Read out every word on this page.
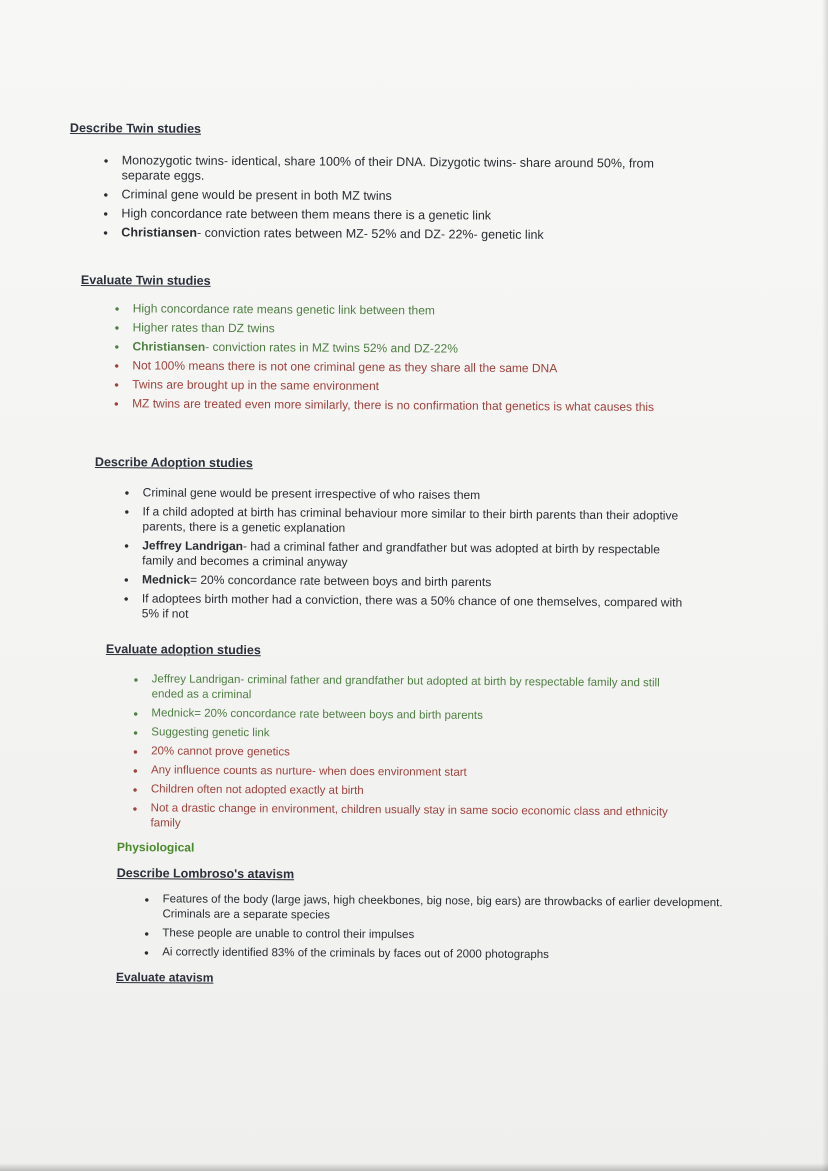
Describe Twin studies

• Monozygotic twins- identical, share 100% of their DNA. Dizygotic twins- share around 50%, from separate eggs.
• Criminal gene would be present in both MZ twins
• High concordance rate between them means there is a genetic link
• Christiansen- conviction rates between MZ- 52% and DZ- 22%- genetic link

Evaluate Twin studies

• High concordance rate means genetic link between them
• Higher rates than DZ twins
• Christiansen- conviction rates in MZ twins 52% and DZ-22%
• Not 100% means there is not one criminal gene as they share all the same DNA
• Twins are brought up in the same environment
• MZ twins are treated even more similarly, there is no confirmation that genetics is what causes this

Describe Adoption studies

• Criminal gene would be present irrespective of who raises them
• If a child adopted at birth has criminal behaviour more similar to their birth parents than their adoptive parents, there is a genetic explanation
• Jeffrey Landrigan- had a criminal father and grandfather but was adopted at birth by respectable family and becomes a criminal anyway
• Mednick= 20% concordance rate between boys and birth parents
• If adoptees birth mother had a conviction, there was a 50% chance of one themselves, compared with 5% if not

Evaluate adoption studies

• Jeffrey Landrigan- criminal father and grandfather but adopted at birth by respectable family and still ended as a criminal
• Mednick= 20% concordance rate between boys and birth parents
• Suggesting genetic link
• 20% cannot prove genetics
• Any influence counts as nurture- when does environment start
• Children often not adopted exactly at birth
• Not a drastic change in environment, children usually stay in same socio economic class and ethnicity family

Physiological

Describe Lombroso's atavism

• Features of the body (large jaws, high cheekbones, big nose, big ears) are throwbacks of earlier development. Criminals are a separate species
• These people are unable to control their impulses
• Ai correctly identified 83% of the criminals by faces out of 2000 photographs

Evaluate atavism
